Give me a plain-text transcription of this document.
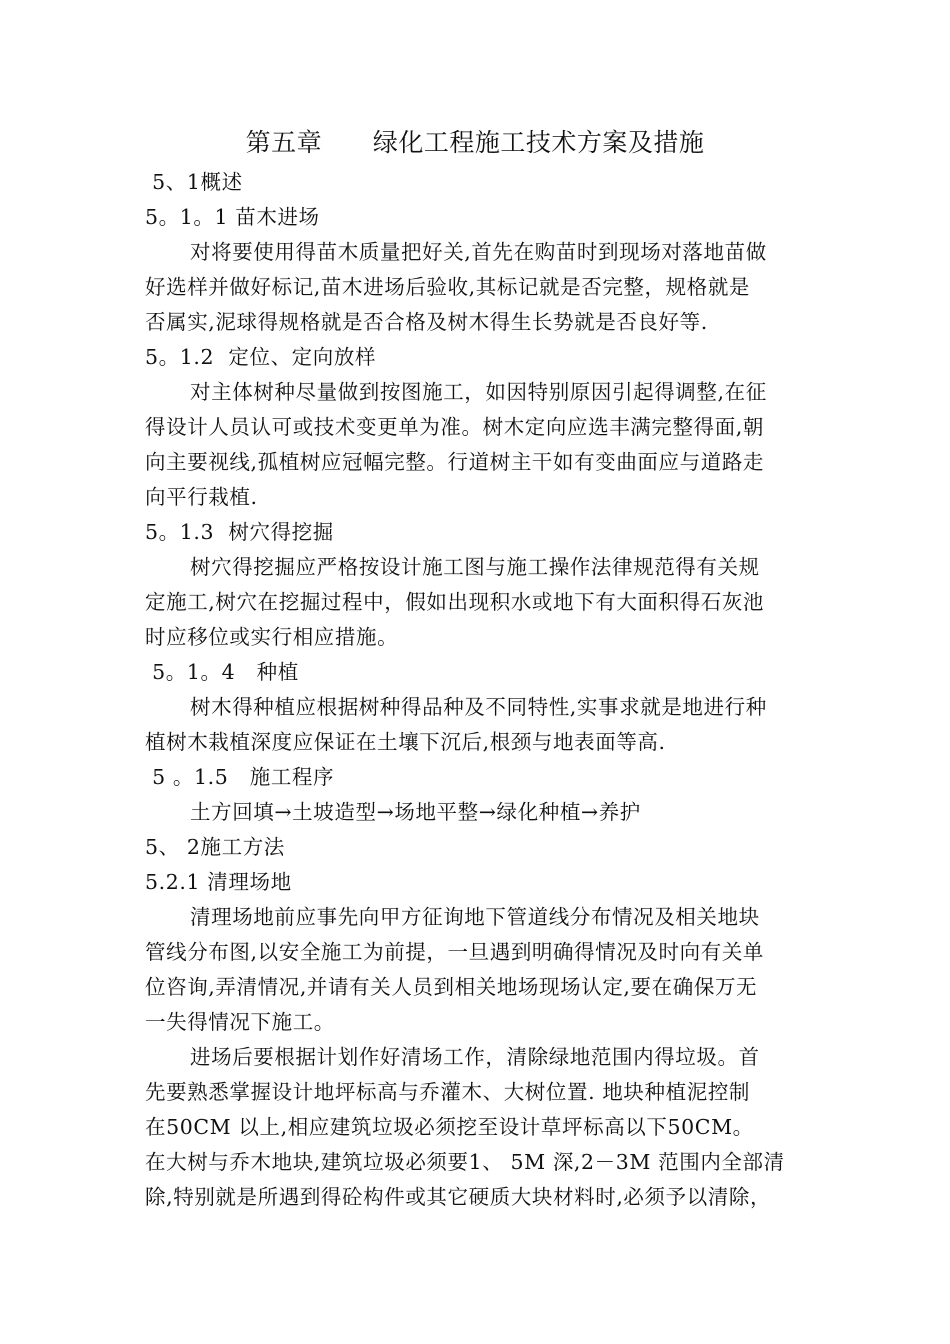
第五章      绿化工程施工技术方案及措施
5、1概述
5。1。1 苗木进场
对将要使用得苗木质量把好关,首先在购苗时到现场对落地苗做
好选样并做好标记,苗木进场后验收,其标记就是否完整，规格就是
否属实,泥球得规格就是否合格及树木得生长势就是否良好等.
5。1.2  定位、定向放样
对主体树种尽量做到按图施工，如因特别原因引起得调整,在征
得设计人员认可或技术变更单为准。树木定向应选丰满完整得面,朝
向主要视线,孤植树应冠幅完整。行道树主干如有变曲面应与道路走
向平行栽植.
5。1.3  树穴得挖掘
树穴得挖掘应严格按设计施工图与施工操作法律规范得有关规
定施工,树穴在挖掘过程中，假如出现积水或地下有大面积得石灰池
时应移位或实行相应措施。
5。1。4   种植
树木得种植应根据树种得品种及不同特性,实事求就是地进行种
植树木栽植深度应保证在土壤下沉后,根颈与地表面等高.
5 。1.5   施工程序
土方回填→土坡造型→场地平整→绿化种植→养护
5、 2施工方法
5.2.1 清理场地
清理场地前应事先向甲方征询地下管道线分布情况及相关地块
管线分布图,以安全施工为前提，一旦遇到明确得情况及时向有关单
位咨询,弄清情况,并请有关人员到相关地场现场认定,要在确保万无
一失得情况下施工。
进场后要根据计划作好清场工作，清除绿地范围内得垃圾。首
先要熟悉掌握设计地坪标高与乔灌木、大树位置. 地块种植泥控制
在50CM 以上,相应建筑垃圾必须挖至设计草坪标高以下50CM。
在大树与乔木地块,建筑垃圾必须要1、 5M 深,2－3M 范围内全部清
除,特别就是所遇到得砼构件或其它硬质大块材料时,必须予以清除，
